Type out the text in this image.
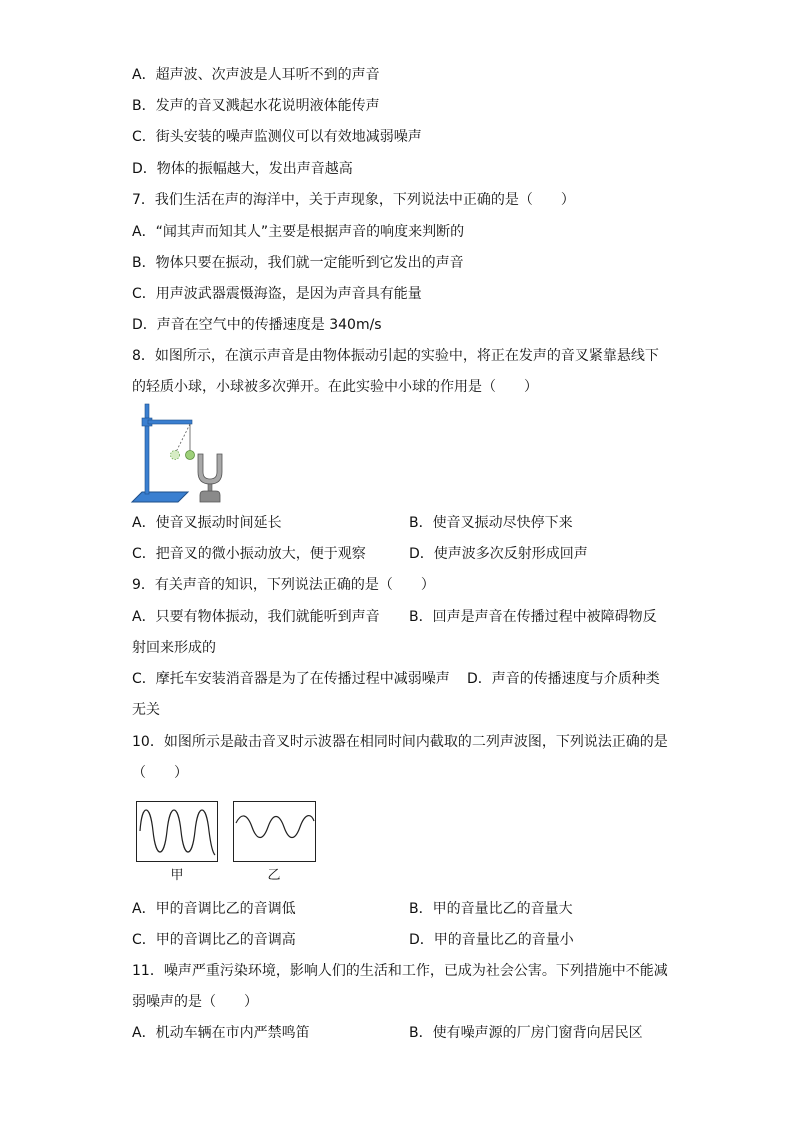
A．超声波、次声波是人耳听不到的声音
B．发声的音叉溅起水花说明液体能传声
C．街头安装的噪声监测仪可以有效地减弱噪声
D．物体的振幅越大，发出声音越高
7．我们生活在声的海洋中，关于声现象，下列说法中正确的是（　　）
A．“闻其声而知其人”主要是根据声音的响度来判断的
B．物体只要在振动，我们就一定能听到它发出的声音
C．用声波武器震慑海盗，是因为声音具有能量
D．声音在空气中的传播速度是 340m/s
8．如图所示，在演示声音是由物体振动引起的实验中，将正在发声的音叉紧靠悬线下
的轻质小球，小球被多次弹开。在此实验中小球的作用是（　　）
A．使音叉振动时间延长	B．使音叉振动尽快停下来
C．把音叉的微小振动放大，便于观察	D．使声波多次反射形成回声
9．有关声音的知识，下列说法正确的是（　　）
A．只要有物体振动，我们就能听到声音 B．回声是声音在传播过程中被障碍物反
射回来形成的
C．摩托车安装消音器是为了在传播过程中减弱噪声 D．声音的传播速度与介质种类
无关
10．如图所示是敲击音叉时示波器在相同时间内截取的二列声波图，下列说法正确的是
（　　）
甲	乙
A．甲的音调比乙的音调低	B．甲的音量比乙的音量大
C．甲的音调比乙的音调高	D．甲的音量比乙的音量小
11．噪声严重污染环境，影响人们的生活和工作，已成为社会公害。下列措施中不能减
弱噪声的是（　　）
A．机动车辆在市内严禁鸣笛	B．使有噪声源的厂房门窗背向居民区
